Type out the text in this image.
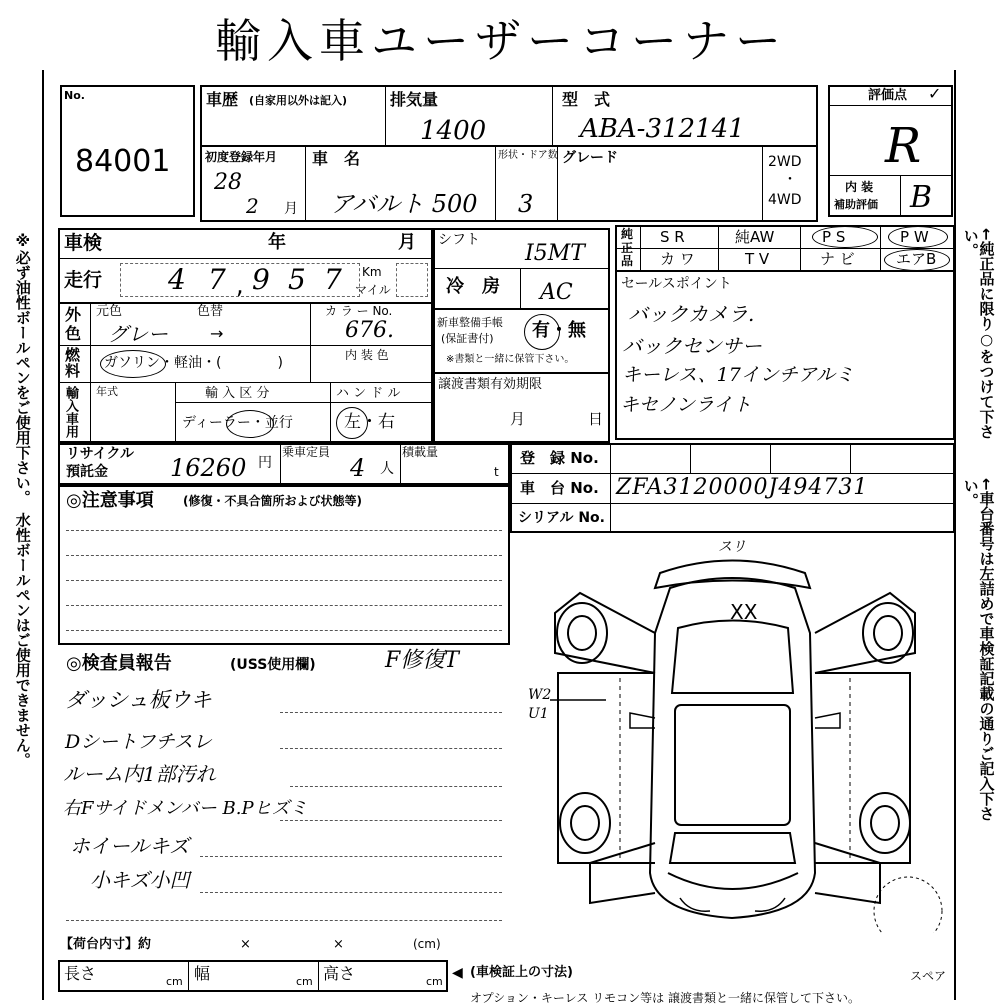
輸入車ユーザーコーナー
※必ず油性ボールペンをご使用下さい。　水性ボールペンはご使用できません。	←純正品に限り○をつけて下さい。
←車台番号は左詰めで車検証記載の通りご記入下さい。
No.
84001
車歴 (自家用以外は記入)	排気量
1400
型　式
ABA-312141
初度登録年月
28
2 月
車　名
アバルト 500
形状・ドア数
3
グレード	2WD
・
4WD
評価点 ✓
R
内 装
補助評価 B
車検	年	月
走行 4 7 , 9 5 7 Km
マイル
外
色
元色	色替
グレー	→
カ ラ ー No.
676.
燃
料 ガソリン・軽油・(　　　　)	内 装 色
輸入車用 年式	輸 入 区 分
ディーラー・並行
ハ ン ド ル
左・右
シフト
I5MT
冷　房 AC
新車整備手帳
(保証書付) 有・無
※書類と一緒に保管下さい。
譲渡書類有効期限
月	日
純
正
品
S R	純AW	P S	P W
カ ワ	T V	ナ ビ	エアB
セールスポイント
バックカメラ.
バックセンサー
キーレス、17インチアルミ
キセノンライト
リサイクル
預託金	16260 円
乗車定員
4 人
積載量
t
登　録 No.
車　台 No. ZFA3120000J494731
シリアル No.
◎注意事項 (修復・不具合箇所および状態等)
◎検査員報告	(USS使用欄)	F修復T
ダッシュ板ウキ
Dシートフチスレ
ルーム内1部汚れ
右Fサイドメンバー B.Pヒズミ
ホイールキズ
小キズ小凹
スリ
XX
W2
U1
スペア
【荷台内寸】約	×	×	(cm)
長さ	cm 幅	cm 高さ	cm
◀ (車検証上の寸法)
オプション・キーレス リモコン等は 譲渡書類と一緒に保管して下さい。
